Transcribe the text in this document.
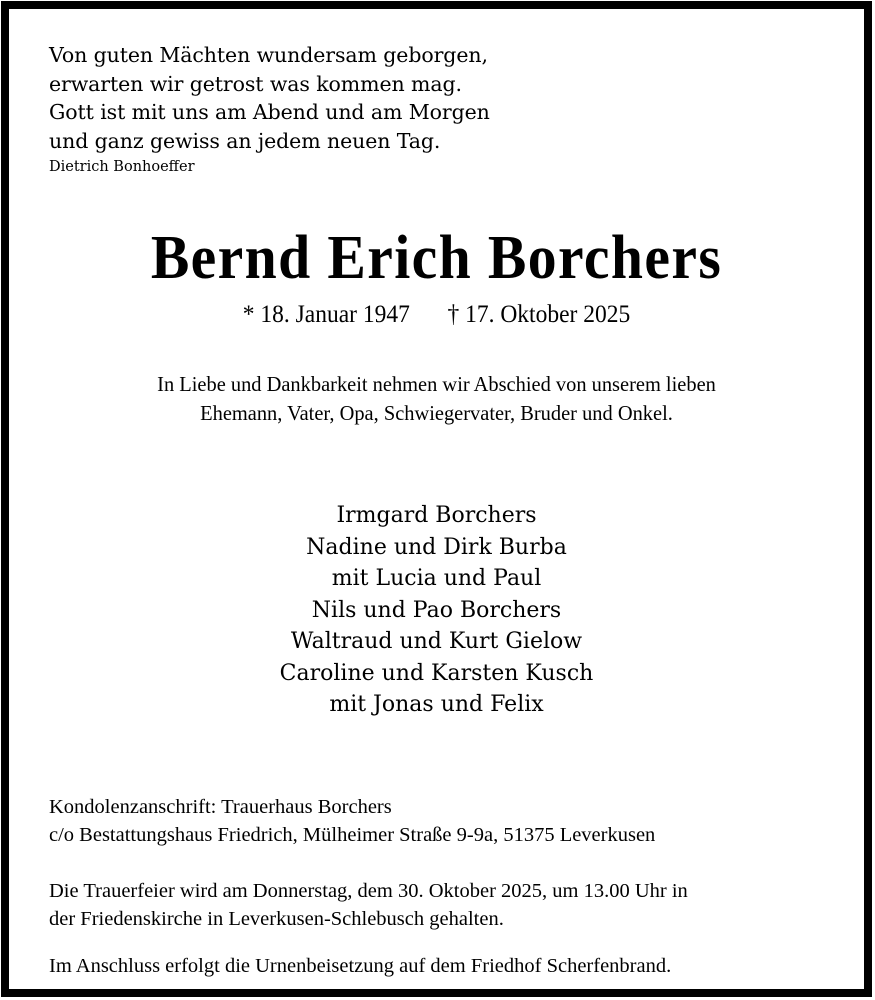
Von guten Mächten wundersam geborgen,
erwarten wir getrost was kommen mag.
Gott ist mit uns am Abend und am Morgen
und ganz gewiss an jedem neuen Tag.
Dietrich Bonhoeffer
Bernd Erich Borchers
* 18. Januar 1947 † 17. Oktober 2025
In Liebe und Dankbarkeit nehmen wir Abschied von unserem lieben
Ehemann, Vater, Opa, Schwiegervater, Bruder und Onkel.
Irmgard Borchers
Nadine und Dirk Burba
mit Lucia und Paul
Nils und Pao Borchers
Waltraud und Kurt Gielow
Caroline und Karsten Kusch
mit Jonas und Felix
Kondolenzanschrift: Trauerhaus Borchers
c/o Bestattungshaus Friedrich, Mülheimer Straße 9-9a, 51375 Leverkusen

Die Trauerfeier wird am Donnerstag, dem 30. Oktober 2025, um 13.00 Uhr in
der Friedenskirche in Leverkusen-Schlebusch gehalten.

Im Anschluss erfolgt die Urnenbeisetzung auf dem Friedhof Scherfenbrand.
